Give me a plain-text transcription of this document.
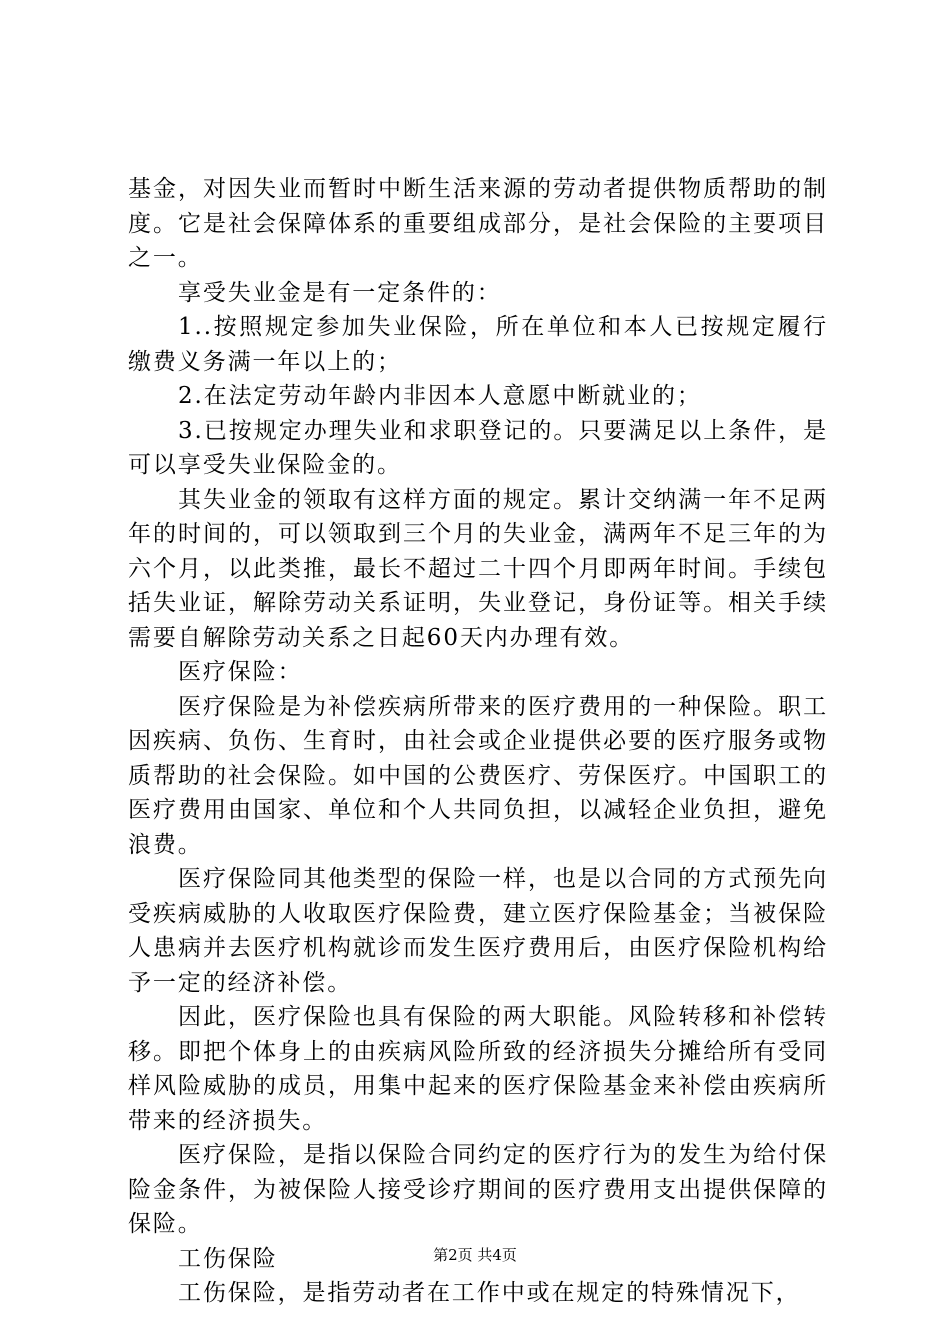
基金，对因失业而暂时中断生活来源的劳动者提供物质帮助的制度。它是社会保障体系的重要组成部分，是社会保险的主要项目之一。

享受失业金是有一定条件的：

1..按照规定参加失业保险，所在单位和本人已按规定履行缴费义务满一年以上的；

2.在法定劳动年龄内非因本人意愿中断就业的；

3.已按规定办理失业和求职登记的。只要满足以上条件，是可以享受失业保险金的。

其失业金的领取有这样方面的规定。累计交纳满一年不足两年的时间的，可以领取到三个月的失业金，满两年不足三年的为六个月，以此类推，最长不超过二十四个月即两年时间。手续包括失业证，解除劳动关系证明，失业登记，身份证等。相关手续需要自解除劳动关系之日起60天内办理有效。

医疗保险：

医疗保险是为补偿疾病所带来的医疗费用的一种保险。职工因疾病、负伤、生育时，由社会或企业提供必要的医疗服务或物质帮助的社会保险。如中国的公费医疗、劳保医疗。中国职工的医疗费用由国家、单位和个人共同负担，以减轻企业负担，避免浪费。

医疗保险同其他类型的保险一样，也是以合同的方式预先向受疾病威胁的人收取医疗保险费，建立医疗保险基金；当被保险人患病并去医疗机构就诊而发生医疗费用后，由医疗保险机构给予一定的经济补偿。

因此，医疗保险也具有保险的两大职能。风险转移和补偿转移。即把个体身上的由疾病风险所致的经济损失分摊给所有受同样风险威胁的成员，用集中起来的医疗保险基金来补偿由疾病所带来的经济损失。

医疗保险，是指以保险合同约定的医疗行为的发生为给付保险金条件，为被保险人接受诊疗期间的医疗费用支出提供保障的保险。

工伤保险

工伤保险，是指劳动者在工作中或在规定的特殊情况下，

第2页 共4页
